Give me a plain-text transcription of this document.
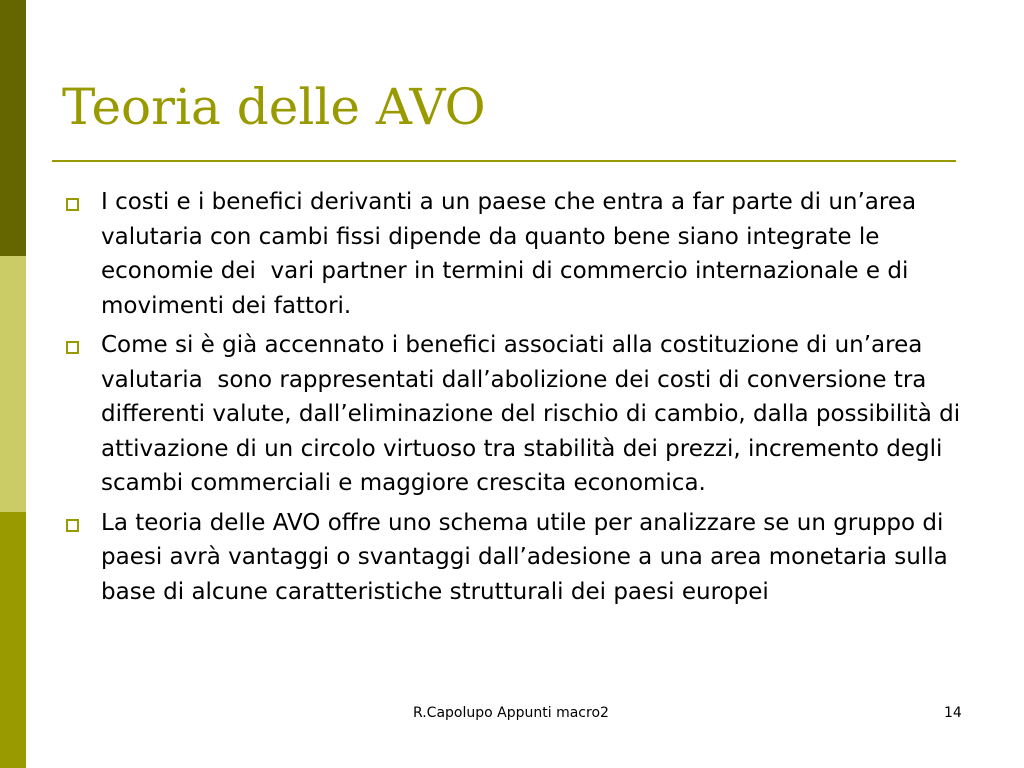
Teoria delle AVO
I costi e i benefici derivanti a un paese che entra a far parte di un’area valutaria con cambi fissi dipende da quanto bene siano integrate le economie dei  vari partner in termini di commercio internazionale e di movimenti dei fattori.
Come si è già accennato i benefici associati alla costituzione di un’area valutaria  sono rappresentati dall’abolizione dei costi di conversione tra differenti valute, dall’eliminazione del rischio di cambio, dalla possibilità di attivazione di un circolo virtuoso tra stabilità dei prezzi, incremento degli scambi commerciali e maggiore crescita economica.
La teoria delle AVO offre uno schema utile per analizzare se un gruppo di paesi avrà vantaggi o svantaggi dall’adesione a una area monetaria sulla base di alcune caratteristiche strutturali dei paesi europei
R.Capolupo Appunti macro2	14
